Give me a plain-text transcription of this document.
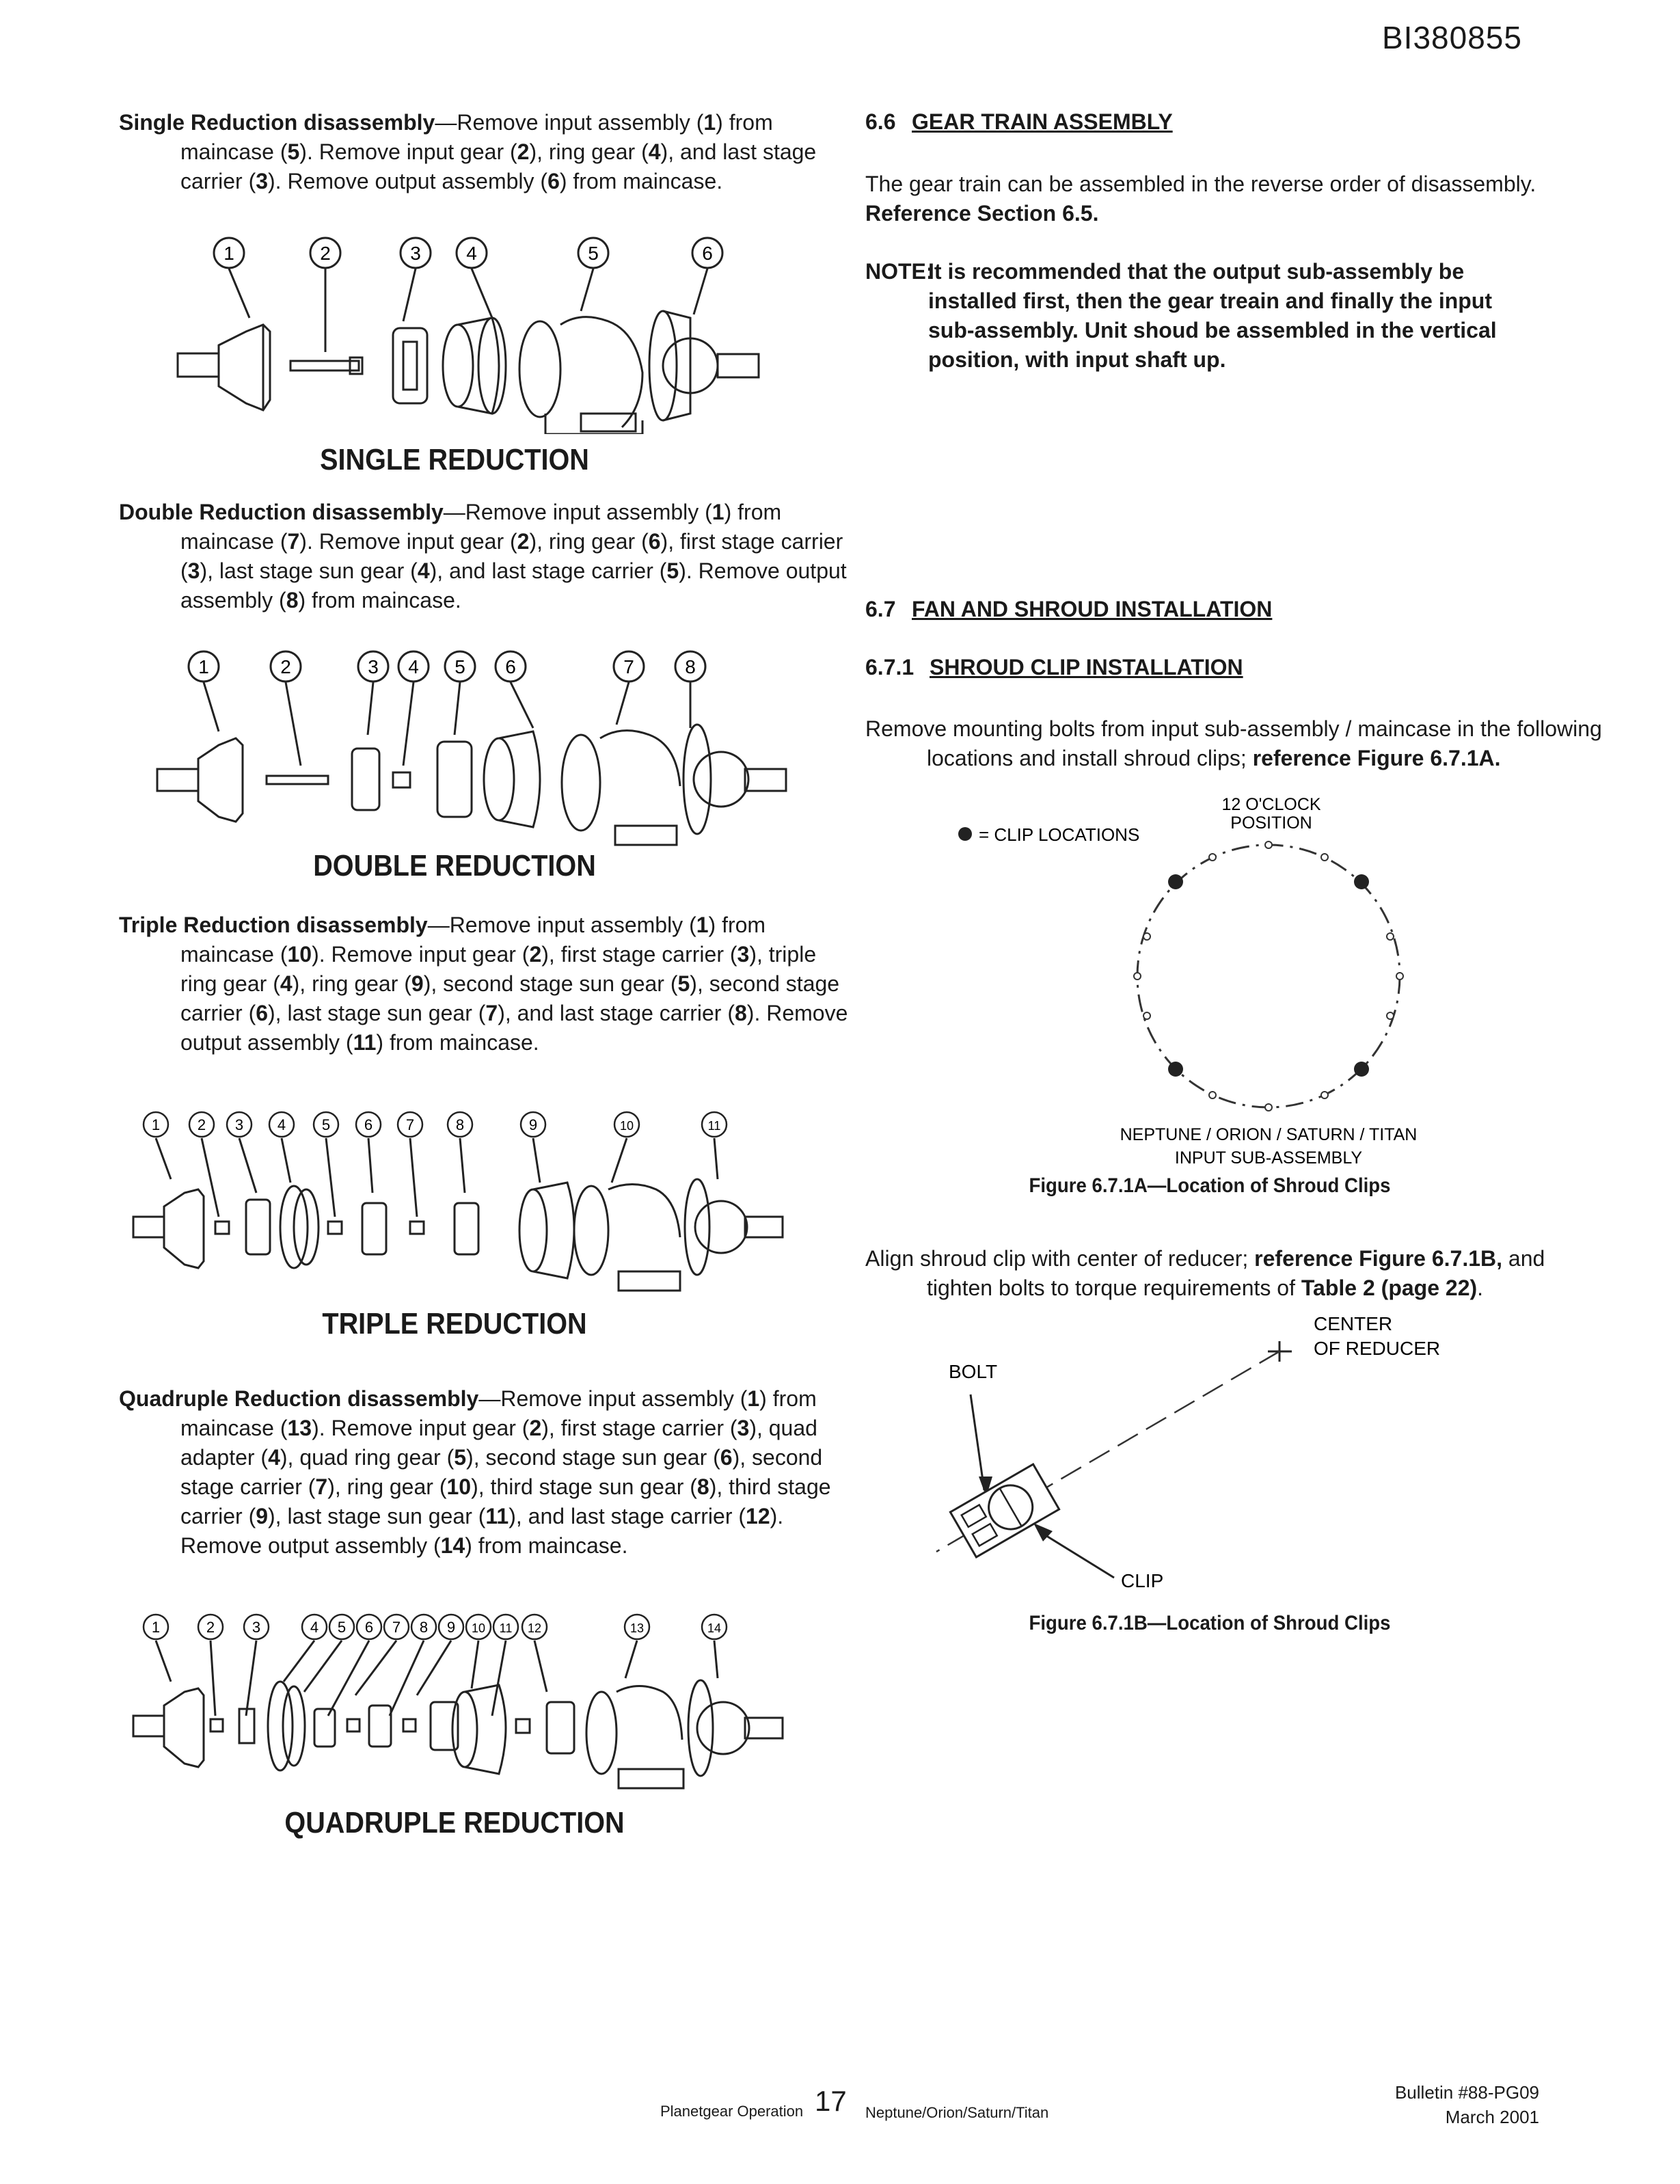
BI380855
Single Reduction disassembly—Remove input assembly (1) from maincase (5). Remove input gear (2), ring gear (4), and last stage carrier (3). Remove output assembly (6) from maincase.
1	2	3 4	5	6
SINGLE REDUCTION
Double Reduction disassembly—Remove input assembly (1) from maincase (7). Remove input gear (2), ring gear (6), first stage carrier (3), last stage sun gear (4), and last stage carrier (5). Remove output assembly (8) from maincase.
1	2	3 4 5 6	7	8
DOUBLE REDUCTION
Triple Reduction disassembly—Remove input assembly (1) from maincase (10). Remove input gear (2), first stage carrier (3), triple ring gear (4), ring gear (9), second stage sun gear (5), second stage carrier (6), last stage sun gear (7), and last stage carrier (8). Remove output assembly (11) from maincase.
1 2 3 4 5 6 7	8	9	10	11
TRIPLE REDUCTION
Quadruple Reduction disassembly—Remove input assembly (1) from maincase (13). Remove input gear (2), first stage carrier (3), quad adapter (4), quad ring gear (5), second stage sun gear (6), second stage carrier (7), ring gear (10), third stage sun gear (8), third stage carrier (9), last stage sun gear (11), and last stage carrier (12). Remove output assembly (14) from maincase.
1	2 3	4 5 6 7 8 9 10 11 12	13	14
QUADRUPLE REDUCTION
6.6 GEAR TRAIN ASSEMBLY
The gear train can be assembled in the reverse order of disassembly. Reference Section 6.5.
NOTE:
It is recommended that the output sub-assembly be installed first, then the gear treain and finally the input sub-assembly. Unit shoud be assembled in the vertical position, with input shaft up.
6.7 FAN AND SHROUD INSTALLATION
6.7.1 SHROUD CLIP INSTALLATION
Remove mounting bolts from input sub-assembly / maincase in the following locations and install shroud clips; reference Figure 6.7.1A.
= CLIP LOCATIONS
12 O'CLOCK
POSITION
NEPTUNE / ORION / SATURN / TITAN
INPUT SUB-ASSEMBLY
Figure 6.7.1A—Location of Shroud Clips
Align shroud clip with center of reducer; reference Figure 6.7.1B, and tighten bolts to torque requirements of Table 2 (page 22).
CENTER
OF REDUCER
BOLT
CLIP
Figure 6.7.1B—Location of Shroud Clips
Planetgear Operation 17 Neptune/Orion/Saturn/Titan
Bulletin #88-PG09
March 2001
